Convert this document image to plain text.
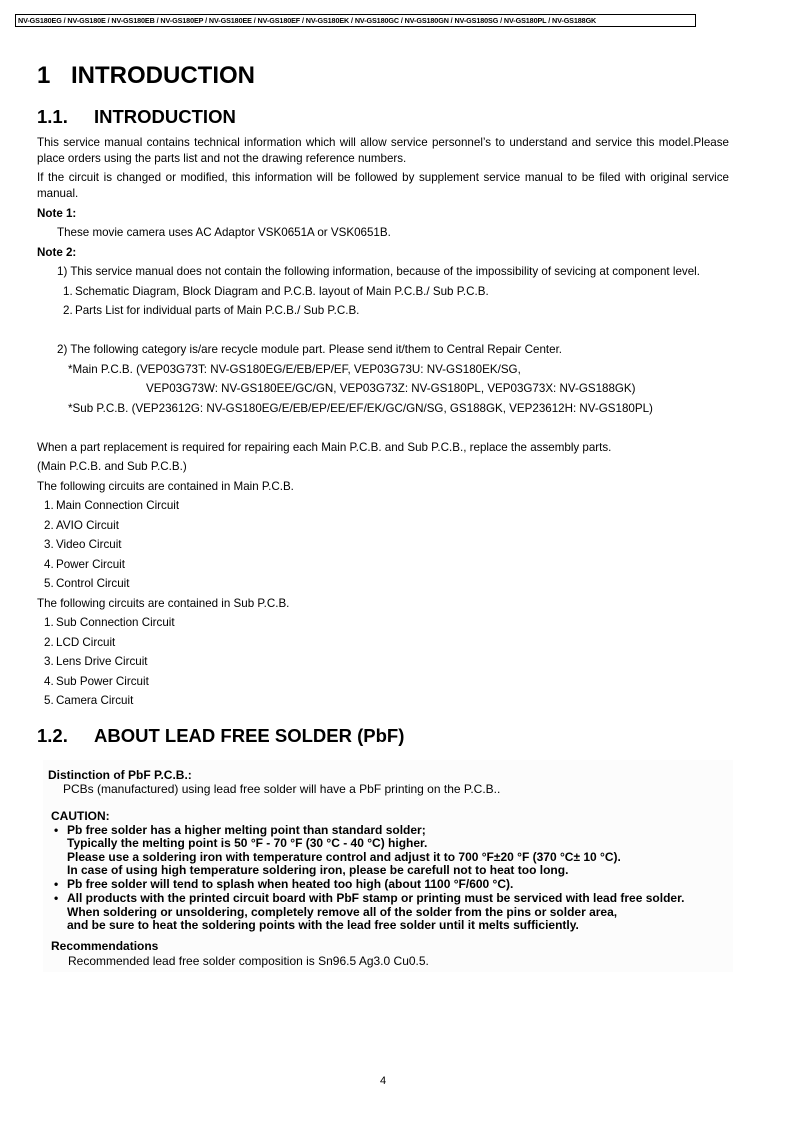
NV-GS180EG / NV-GS180E / NV-GS180EB / NV-GS180EP / NV-GS180EE / NV-GS180EF / NV-GS180EK / NV-GS180GC / NV-GS180GN / NV-GS180SG / NV-GS180PL / NV-GS188GK
1 INTRODUCTION
1.1. INTRODUCTION

This service manual contains technical information which will allow service personnel’s to understand and service this model.Please place orders using the parts list and not the drawing reference numbers.

If the circuit is changed or modified, this information will be followed by supplement service manual to be filed with original service manual.

Note 1:

These movie camera uses AC Adaptor VSK0651A or VSK0651B.

Note 2:

1) This service manual does not contain the following information, because of the impossibility of sevicing at component level.

1. Schematic Diagram, Block Diagram and P.C.B. layout of Main P.C.B./ Sub P.C.B.

2. Parts List for individual parts of Main P.C.B./ Sub P.C.B.

2) The following category is/are recycle module part. Please send it/them to Central Repair Center.

*Main P.C.B. (VEP03G73T: NV-GS180EG/E/EB/EP/EF, VEP03G73U: NV-GS180EK/SG,

VEP03G73W: NV-GS180EE/GC/GN, VEP03G73Z: NV-GS180PL, VEP03G73X: NV-GS188GK)

*Sub P.C.B. (VEP23612G: NV-GS180EG/E/EB/EP/EE/EF/EK/GC/GN/SG, GS188GK, VEP23612H: NV-GS180PL)

When a part replacement is required for repairing each Main P.C.B. and Sub P.C.B., replace the assembly parts.

(Main P.C.B. and Sub P.C.B.)

The following circuits are contained in Main P.C.B.

1. Main Connection Circuit

2. AVIO Circuit

3. Video Circuit

4. Power Circuit

5. Control Circuit

The following circuits are contained in Sub P.C.B.

1. Sub Connection Circuit

2. LCD Circuit

3. Lens Drive Circuit

4. Sub Power Circuit

5. Camera Circuit

1.2. ABOUT LEAD FREE SOLDER (PbF)

Distinction of PbF P.C.B.:

PCBs (manufactured) using lead free solder will have a PbF printing on the P.C.B..

CAUTION:

• Pb free solder has a higher melting point than standard solder;

Typically the melting point is 50 °F - 70 °F (30 °C - 40 °C) higher.

Please use a soldering iron with temperature control and adjust it to 700 °F±20 °F (370 °C± 10 °C).

In case of using high temperature soldering iron, please be carefull not to heat too long.

• Pb free solder will tend to splash when heated too high (about 1100 °F/600 °C).

• All products with the printed circuit board with PbF stamp or printing must be serviced with lead free solder.

When soldering or unsoldering, completely remove all of the solder from the pins or solder area,

and be sure to heat the soldering points with the lead free solder until it melts sufficiently.

Recommendations

Recommended lead free solder composition is Sn96.5 Ag3.0 Cu0.5.

4
